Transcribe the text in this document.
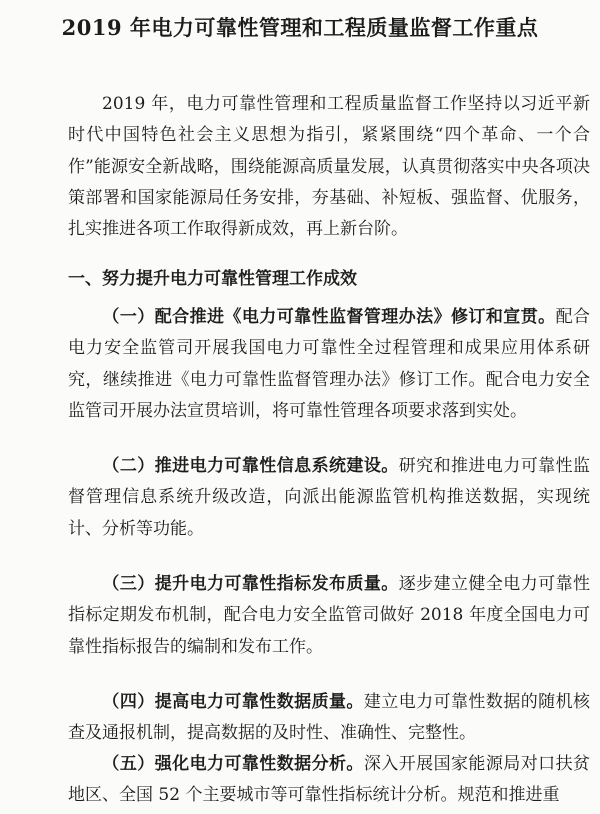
2019 年电力可靠性管理和工程质量监督工作重点

2019 年，电力可靠性管理和工程质量监督工作坚持以习近平新时代中国特色社会主义思想为指引，紧紧围绕“四个革命、一个合作”能源安全新战略，围绕能源高质量发展，认真贯彻落实中央各项决策部署和国家能源局任务安排，夯基础、补短板、强监督、优服务，扎实推进各项工作取得新成效，再上新台阶。

一、努力提升电力可靠性管理工作成效

（一）配合推进《电力可靠性监督管理办法》修订和宣贯。配合电力安全监管司开展我国电力可靠性全过程管理和成果应用体系研究，继续推进《电力可靠性监督管理办法》修订工作。配合电力安全监管司开展办法宣贯培训，将可靠性管理各项要求落到实处。

（二）推进电力可靠性信息系统建设。研究和推进电力可靠性监督管理信息系统升级改造，向派出能源监管机构推送数据，实现统计、分析等功能。

（三）提升电力可靠性指标发布质量。逐步建立健全电力可靠性指标定期发布机制，配合电力安全监管司做好 2018 年度全国电力可靠性指标报告的编制和发布工作。

（四）提高电力可靠性数据质量。建立电力可靠性数据的随机核查及通报机制，提高数据的及时性、准确性、完整性。

（五）强化电力可靠性数据分析。深入开展国家能源局对口扶贫地区、全国 52 个主要城市等可靠性指标统计分析。规范和推进重
